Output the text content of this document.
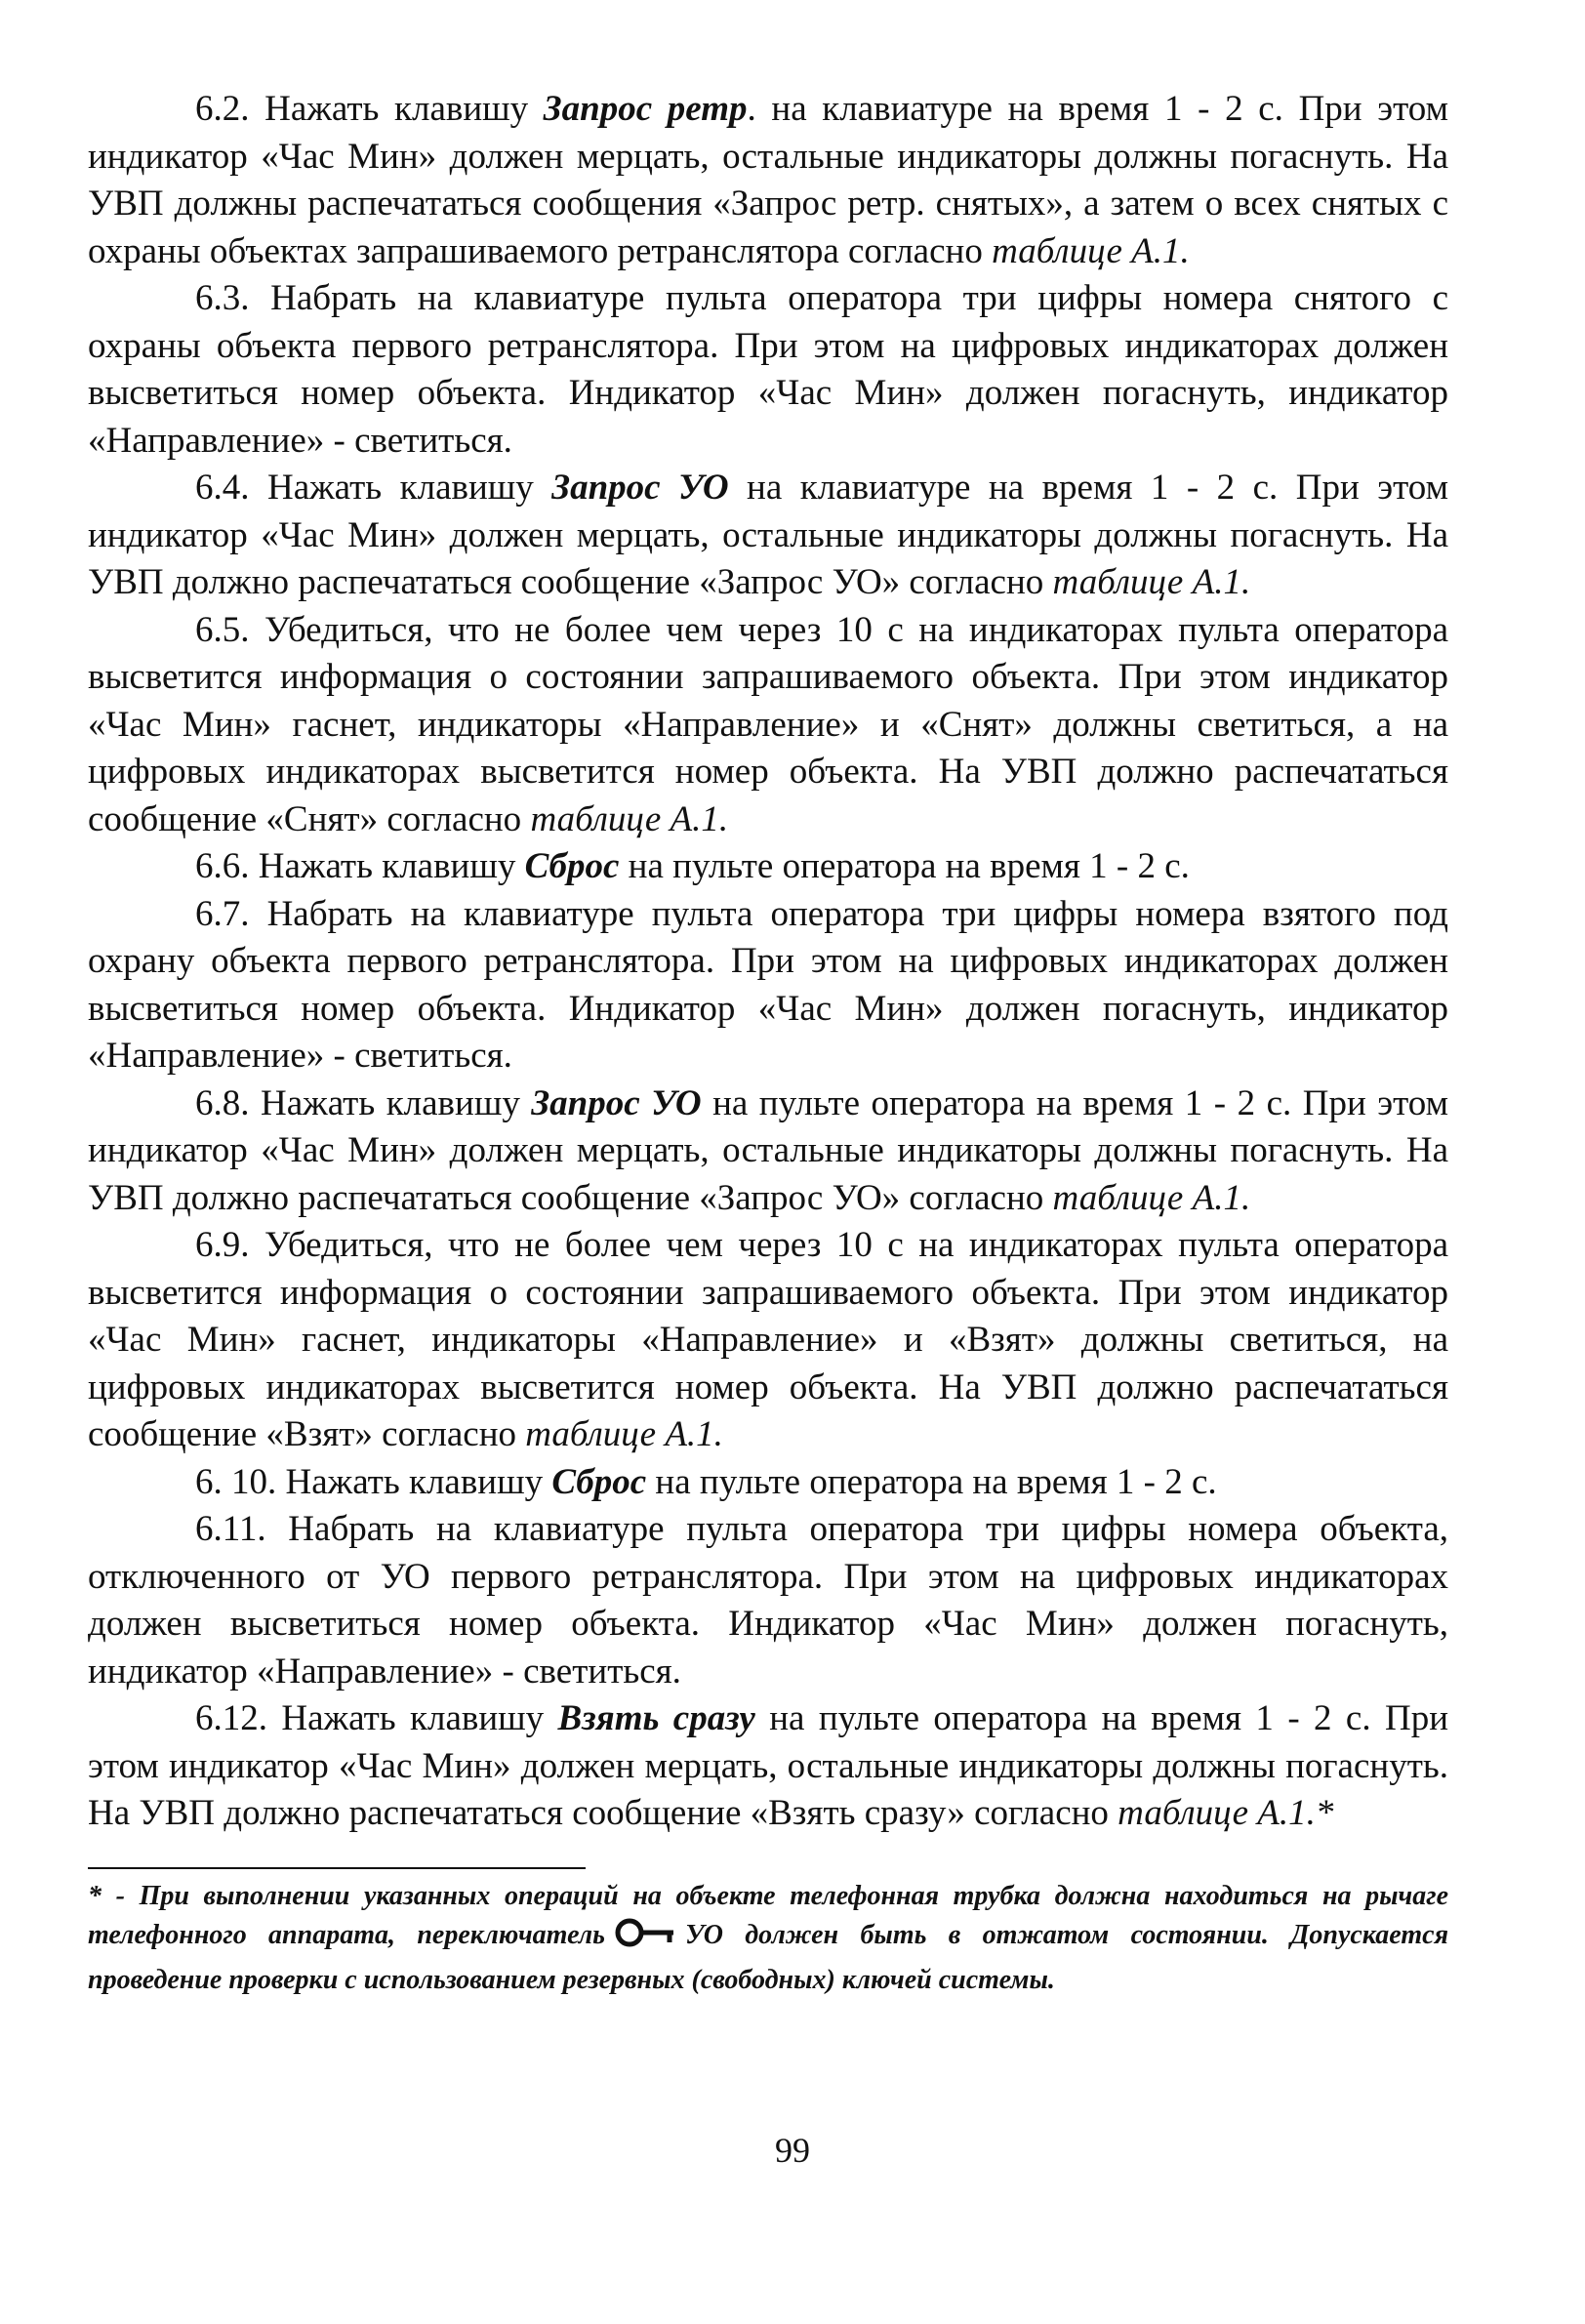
6.2. Нажать клавишу Запрос ретр. на клавиатуре на время 1 - 2 с. При этом индикатор «Час Мин» должен мерцать, остальные индикаторы должны погаснуть. На УВП должны распечататься сообщения «Запрос ретр. снятых», а затем о всех снятых с охраны объектах запрашиваемого ретранслятора согласно таблице А.1.

6.3. Набрать на клавиатуре пульта оператора три цифры номера снятого с охраны объекта первого ретранслятора. При этом на цифровых индикаторах должен высветиться номер объекта. Индикатор «Час Мин» должен погаснуть, индикатор «Направление» - светиться.

6.4. Нажать клавишу Запрос УО на клавиатуре на время 1 - 2 с. При этом индикатор «Час Мин» должен мерцать, остальные индикаторы должны погаснуть. На УВП должно распечататься сообщение «Запрос УО» согласно таблице А.1.

6.5. Убедиться, что не более чем через 10 с на индикаторах пульта оператора высветится информация о состоянии запрашиваемого объекта. При этом индикатор «Час Мин» гаснет, индикаторы «Направление» и «Снят» должны светиться, а на цифровых индикаторах высветится номер объекта. На УВП должно распечататься сообщение «Снят» согласно таблице А.1.

6.6. Нажать клавишу Сброс на пульте оператора на время 1 - 2 с.

6.7. Набрать на клавиатуре пульта оператора три цифры номера взятого под охрану объекта первого ретранслятора. При этом на цифровых индикаторах должен высветиться номер объекта. Индикатор «Час Мин» должен погаснуть, индикатор «Направление» - светиться.

6.8. Нажать клавишу Запрос УО на пульте оператора на время 1 - 2 с. При этом индикатор «Час Мин» должен мерцать, остальные индикаторы должны погаснуть. На УВП должно распечататься сообщение «Запрос УО» согласно таблице А.1.

6.9. Убедиться, что не более чем через 10 с на индикаторах пульта оператора высветится информация о состоянии запрашиваемого объекта. При этом индикатор «Час Мин» гаснет, индикаторы «Направление» и «Взят» должны светиться, на цифровых индикаторах высветится номер объекта. На УВП должно распечататься сообщение «Взят» согласно таблице А.1.

6. 10. Нажать клавишу Сброс на пульте оператора на время 1 - 2 с.

6.11. Набрать на клавиатуре пульта оператора три цифры номера объекта, отключенного от УО первого ретранслятора. При этом на цифровых индикаторах должен высветиться номер объекта. Индикатор «Час Мин» должен погаснуть, индикатор «Направление» - светиться.

6.12. Нажать клавишу Взять сразу на пульте оператора на время 1 - 2 с. При этом индикатор «Час Мин» должен мерцать, остальные индикаторы должны погаснуть. На УВП должно распечататься сообщение «Взять сразу» согласно таблице А.1.*

* - При выполнении указанных операций на объекте телефонная трубка должна находиться на рычаге телефонного аппарата, переключатель	УО должен быть в отжатом состоянии. Допускается проведение проверки с использованием резервных (свободных) ключей системы.

99
